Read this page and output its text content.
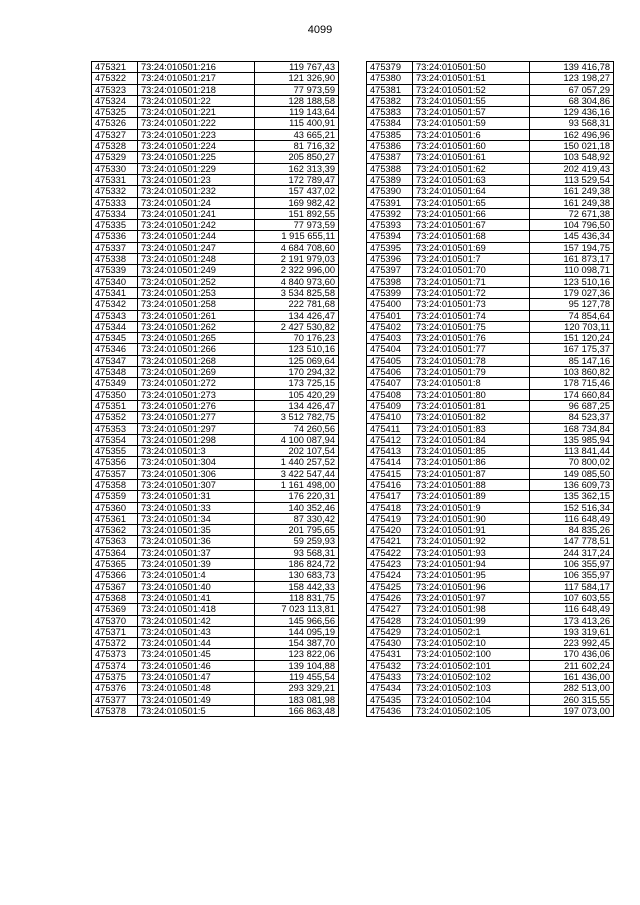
4099
475321	73:24:010501:216	119 767,43
475322	73:24:010501:217	121 326,90
475323	73:24:010501:218	77 973,59
475324	73:24:010501:22	128 188,58
475325	73:24:010501:221	119 143,64
475326	73:24:010501:222	115 400,91
475327	73:24:010501:223	43 665,21
475328	73:24:010501:224	81 716,32
475329	73:24:010501:225	205 850,27
475330	73:24:010501:229	162 313,39
475331	73:24:010501:23	172 789,47
475332	73:24:010501:232	157 437,02
475333	73:24:010501:24	169 982,42
475334	73:24:010501:241	151 892,55
475335	73:24:010501:242	77 973,59
475336	73:24:010501:244	1 915 655,11
475337	73:24:010501:247	4 684 708,60
475338	73:24:010501:248	2 191 979,03
475339	73:24:010501:249	2 322 996,00
475340	73:24:010501:252	4 840 973,60
475341	73:24:010501:253	3 534 825,58
475342	73:24:010501:258	222 781,68
475343	73:24:010501:261	134 426,47
475344	73:24:010501:262	2 427 530,82
475345	73:24:010501:265	70 176,23
475346	73:24:010501:266	123 510,16
475347	73:24:010501:268	125 069,64
475348	73:24:010501:269	170 294,32
475349	73:24:010501:272	173 725,15
475350	73:24:010501:273	105 420,29
475351	73:24:010501:276	134 426,47
475352	73:24:010501:277	3 512 782,75
475353	73:24:010501:297	74 260,56
475354	73:24:010501:298	4 100 087,94
475355	73:24:010501:3	202 107,54
475356	73:24:010501:304	1 440 257,52
475357	73:24:010501:306	3 422 547,44
475358	73:24:010501:307	1 161 498,00
475359	73:24:010501:31	176 220,31
475360	73:24:010501:33	140 352,46
475361	73:24:010501:34	87 330,42
475362	73:24:010501:35	201 795,65
475363	73:24:010501:36	59 259,93
475364	73:24:010501:37	93 568,31
475365	73:24:010501:39	186 824,72
475366	73:24:010501:4	130 683,73
475367	73:24:010501:40	158 442,33
475368	73:24:010501:41	118 831,75
475369	73:24:010501:418	7 023 113,81
475370	73:24:010501:42	145 966,56
475371	73:24:010501:43	144 095,19
475372	73:24:010501:44	154 387,70
475373	73:24:010501:45	123 822,06
475374	73:24:010501:46	139 104,88
475375	73:24:010501:47	119 455,54
475376	73:24:010501:48	293 329,21
475377	73:24:010501:49	183 081,98
475378	73:24:010501:5	166 863,48
475379	73:24:010501:50	139 416,78
475380	73:24:010501:51	123 198,27
475381	73:24:010501:52	67 057,29
475382	73:24:010501:55	68 304,86
475383	73:24:010501:57	129 436,16
475384	73:24:010501:59	93 568,31
475385	73:24:010501:6	162 496,96
475386	73:24:010501:60	150 021,18
475387	73:24:010501:61	103 548,92
475388	73:24:010501:62	202 419,43
475389	73:24:010501:63	113 529,54
475390	73:24:010501:64	161 249,38
475391	73:24:010501:65	161 249,38
475392	73:24:010501:66	72 671,38
475393	73:24:010501:67	104 796,50
475394	73:24:010501:68	145 436,34
475395	73:24:010501:69	157 194,75
475396	73:24:010501:7	161 873,17
475397	73:24:010501:70	110 098,71
475398	73:24:010501:71	123 510,16
475399	73:24:010501:72	179 027,36
475400	73:24:010501:73	95 127,78
475401	73:24:010501:74	74 854,64
475402	73:24:010501:75	120 703,11
475403	73:24:010501:76	151 120,24
475404	73:24:010501:77	167 175,37
475405	73:24:010501:78	85 147,16
475406	73:24:010501:79	103 860,82
475407	73:24:010501:8	178 715,46
475408	73:24:010501:80	174 660,84
475409	73:24:010501:81	96 687,25
475410	73:24:010501:82	84 523,37
475411	73:24:010501:83	168 734,84
475412	73:24:010501:84	135 985,94
475413	73:24:010501:85	113 841,44
475414	73:24:010501:86	70 800,02
475415	73:24:010501:87	149 085,50
475416	73:24:010501:88	136 609,73
475417	73:24:010501:89	135 362,15
475418	73:24:010501:9	152 516,34
475419	73:24:010501:90	116 648,49
475420	73:24:010501:91	84 835,26
475421	73:24:010501:92	147 778,51
475422	73:24:010501:93	244 317,24
475423	73:24:010501:94	106 355,97
475424	73:24:010501:95	106 355,97
475425	73:24:010501:96	117 584,17
475426	73:24:010501:97	107 603,55
475427	73:24:010501:98	116 648,49
475428	73:24:010501:99	173 413,26
475429	73:24:010502:1	193 319,61
475430	73:24:010502:10	223 992,45
475431	73:24:010502:100	170 436,06
475432	73:24:010502:101	211 602,24
475433	73:24:010502:102	161 436,00
475434	73:24:010502:103	282 513,00
475435	73:24:010502:104	260 315,55
475436	73:24:010502:105	197 073,00
